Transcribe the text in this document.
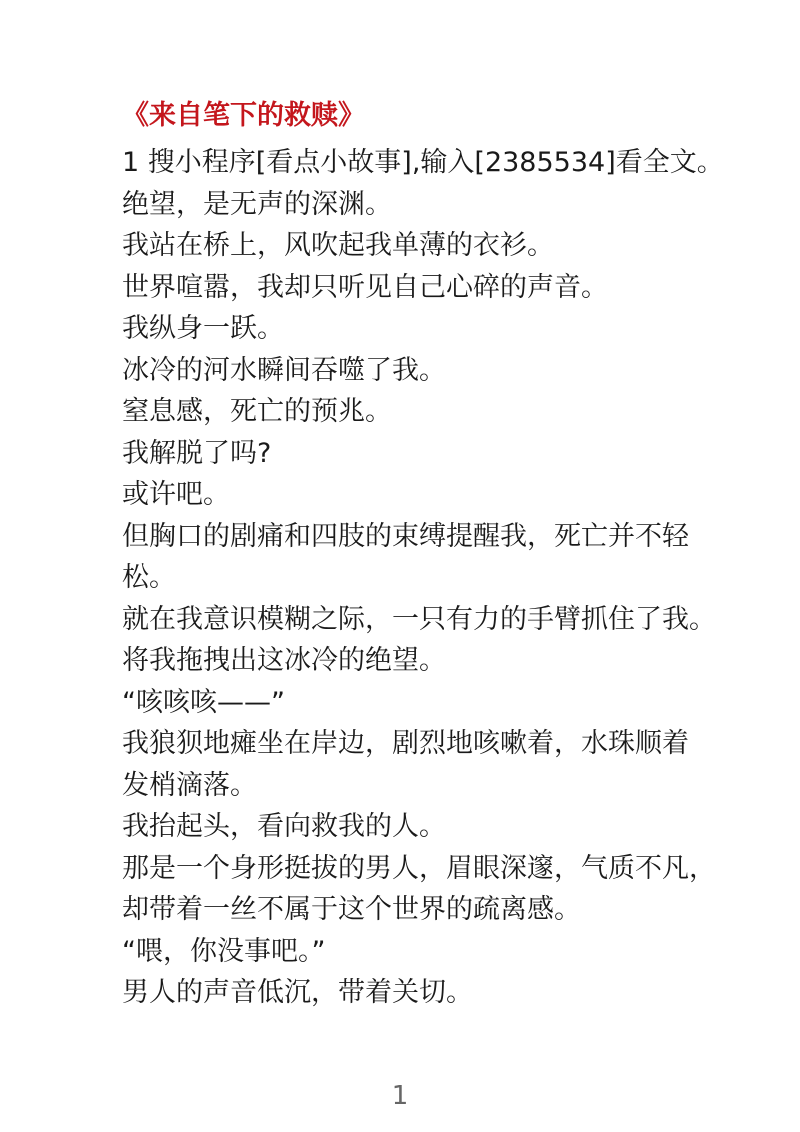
《来自笔下的救赎》
1 搜小程序[看点小故事],输入[2385534]看全文。
绝望，是无声的深渊。
我站在桥上，风吹起我单薄的衣衫。
世界喧嚣，我却只听见自己心碎的声音。
我纵身一跃。
冰冷的河水瞬间吞噬了我。
窒息感，死亡的预兆。
我解脱了吗?
或许吧。
但胸口的剧痛和四肢的束缚提醒我，死亡并不轻
松。
就在我意识模糊之际，一只有力的手臂抓住了我。
将我拖拽出这冰冷的绝望。
“咳咳咳——”
我狼狈地瘫坐在岸边，剧烈地咳嗽着，水珠顺着
发梢滴落。
我抬起头，看向救我的人。
那是一个身形挺拔的男人，眉眼深邃，气质不凡，
却带着一丝不属于这个世界的疏离感。
“喂，你没事吧。”
男人的声音低沉，带着关切。
1
